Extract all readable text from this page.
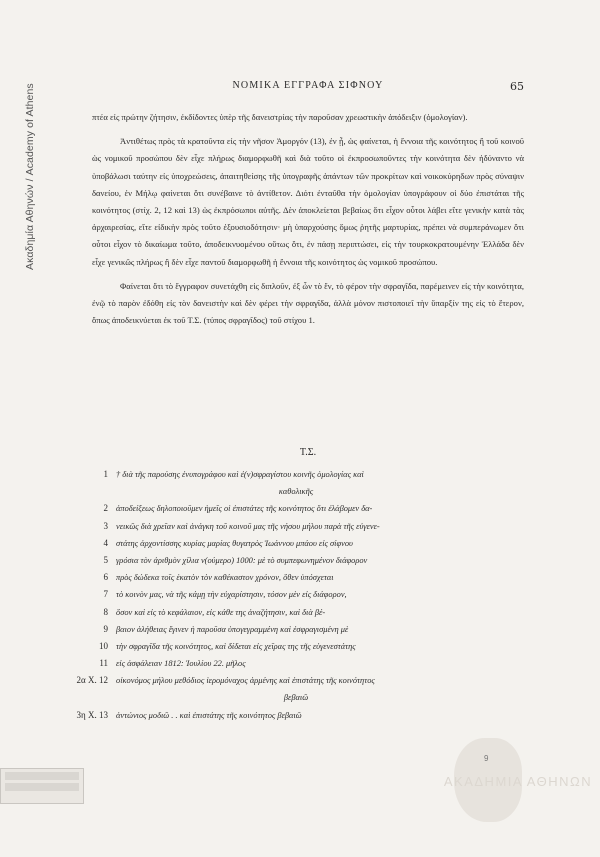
Ακαδημία Αθηνών / Academy of Athens	ΝΟΜΙΚΑ ΕΓΓΡΑΦΑ ΣΙΦΝΟΥ	65

πτέα εἰς πρώτην ζήτησιν, ἐκδίδοντες ὑπὲρ τῆς δανειστρίας τὴν παροῦσαν χρεωστικὴν ἀπόδειξιν (ὁμολογίαν).

Ἀντιθέτως πρὸς τὰ κρατοῦντα εἰς τὴν νῆσον Ἀμοργόν (13), ἐν ᾗ, ὡς φαίνεται, ἡ ἔννοια τῆς κοινότητος ἢ τοῦ κοινοῦ ὡς νομικοῦ προσώπου δὲν εἶχε πλήρως διαμορφωθῆ καὶ διὰ τοῦτο οἱ ἐκπροσωποῦντες τὴν κοινότητα δὲν ἠδύναντο νὰ ὑποβάλωσι ταύτην εἰς ὑποχρεώσεις, ἀπαιτηθείσης τῆς ὑπογραφῆς ἁπάντων τῶν προκρίτων καὶ νοικοκύρηδων πρὸς σύναψιν δανείου, ἐν Μήλῳ φαίνεται ὅτι συνέβαινε τὸ ἀντίθετον. Διότι ἐνταῦθα τὴν ὁμολογίαν ὑπογράφουν οἱ δύο ἐπιστάται τῆς κοινότητος (στίχ. 2, 12 καὶ 13) ὡς ἐκπρόσωποι αὐτῆς. Δὲν ἀποκλείεται βεβαίως ὅτι εἶχον οὗτοι λάβει εἴτε γενικὴν κατὰ τὰς ἀρχαιρεσίας, εἴτε εἰδικὴν πρὸς τοῦτο ἐξουσιοδότησιν· μὴ ὑπαρχούσης ὅμως ῥητῆς μαρτυρίας, πρέπει νὰ συμπεράνωμεν ὅτι οὗτοι εἶχον τὸ δικαίωμα τοῦτο, ἀποδεικνυομένου οὕτως ὅτι, ἐν πάσῃ περιπτώσει, εἰς τὴν τουρκοκρατουμένην Ἑλλάδα δὲν εἶχε γενικῶς πλήρως ἢ δὲν εἶχε παντοῦ διαμορφωθῆ ἡ ἔννοια τῆς κοινότητος ὡς νομικοῦ προσώπου.

Φαίνεται ὅτι τὸ ἔγγραφον συνετάχθη εἰς διπλοῦν, ἐξ ὧν τὸ ἕν, τὸ φέρον τὴν σφραγῖδα, παρέμεινεν εἰς τὴν κοινότητα, ἐνῷ τὸ παρὸν ἐδόθη εἰς τὸν δανειστὴν καὶ δὲν φέρει τὴν σφραγῖδα, ἀλλὰ μόνον πιστοποιεῖ τὴν ὕπαρξίν της εἰς τὸ ἕτερον, ὅπως ἀποδεικνύεται ἐκ τοῦ Τ.Σ. (τύπος σφραγῖδος) τοῦ στίχου 1.

Τ.Σ.
1 † διὰ τῆς παρούσης ἐνυπογράφου καὶ ἐ(ν)σφραγίστου κοινῆς ὁμολογίας καὶ
καθολικῆς
2 ἀποδείξεως δηλοποιοῦμεν ἡμεῖς οἱ ἐπιστάτες τῆς κοινότητος ὅτι ἐλάβομεν δα-
3 νεικῶς διὰ χρεῖαν καὶ ἀνάγκη τοῦ κοινοῦ μας τῆς νήσου μήλου παρὰ τῆς εὐγενε-
4 στάτης ἀρχοντίσσης κυρίας μαρίας θυγατρὸς Ἰωάννου μπάου εἰς σίφνου
5 γρόσια τὸν ἀριθμὸν χίλια ν(ούμερο) 1000: μὲ τὸ συμπεφωνημένον διάφορον
6 πρὸς δώδεκα τοῖς ἑκατὸν τὸν καθέκαστον χρόνον, ὅθεν ὑπόσχεται
7 τὸ κοινὸν μας, νὰ τῆς κάμῃ τὴν εὐχαρίστησιν, τόσον μὲν εἰς διάφορον,
8 ὅσον καὶ εἰς τὸ κεφάλαιον, εἰς κάθε της ἀναζήτησιν, καὶ διὰ βέ-
9 βαιον ἀλήθειας ἔγινεν ἡ παροῦσα ὑπογεγραμμένη καὶ ἐσφραγισμένη μὲ
10 τὴν σφραγῖδα τῆς κοινότητος, καὶ δίδεται εἰς χεῖρας της τῆς εὐγενεστάτης
11 εἰς ἀσφάλειαν 1812: Ἰουλίου 22. μῆλος
2α Χ. 12 οἰκονόμος μήλου μεθόδιος ἱερομόναχος ἀρμένης καὶ ἐπιστάτης τῆς κοινότητος
βεβαιῶ
3η Χ. 13 ἀντώνιος μοδιῶ . . καὶ ἐπιστάτης τῆς κοινότητος βεβαιῶ
9
ΑΚΑΔΗΜΙΑ ΑΘΗΝΩΝ
